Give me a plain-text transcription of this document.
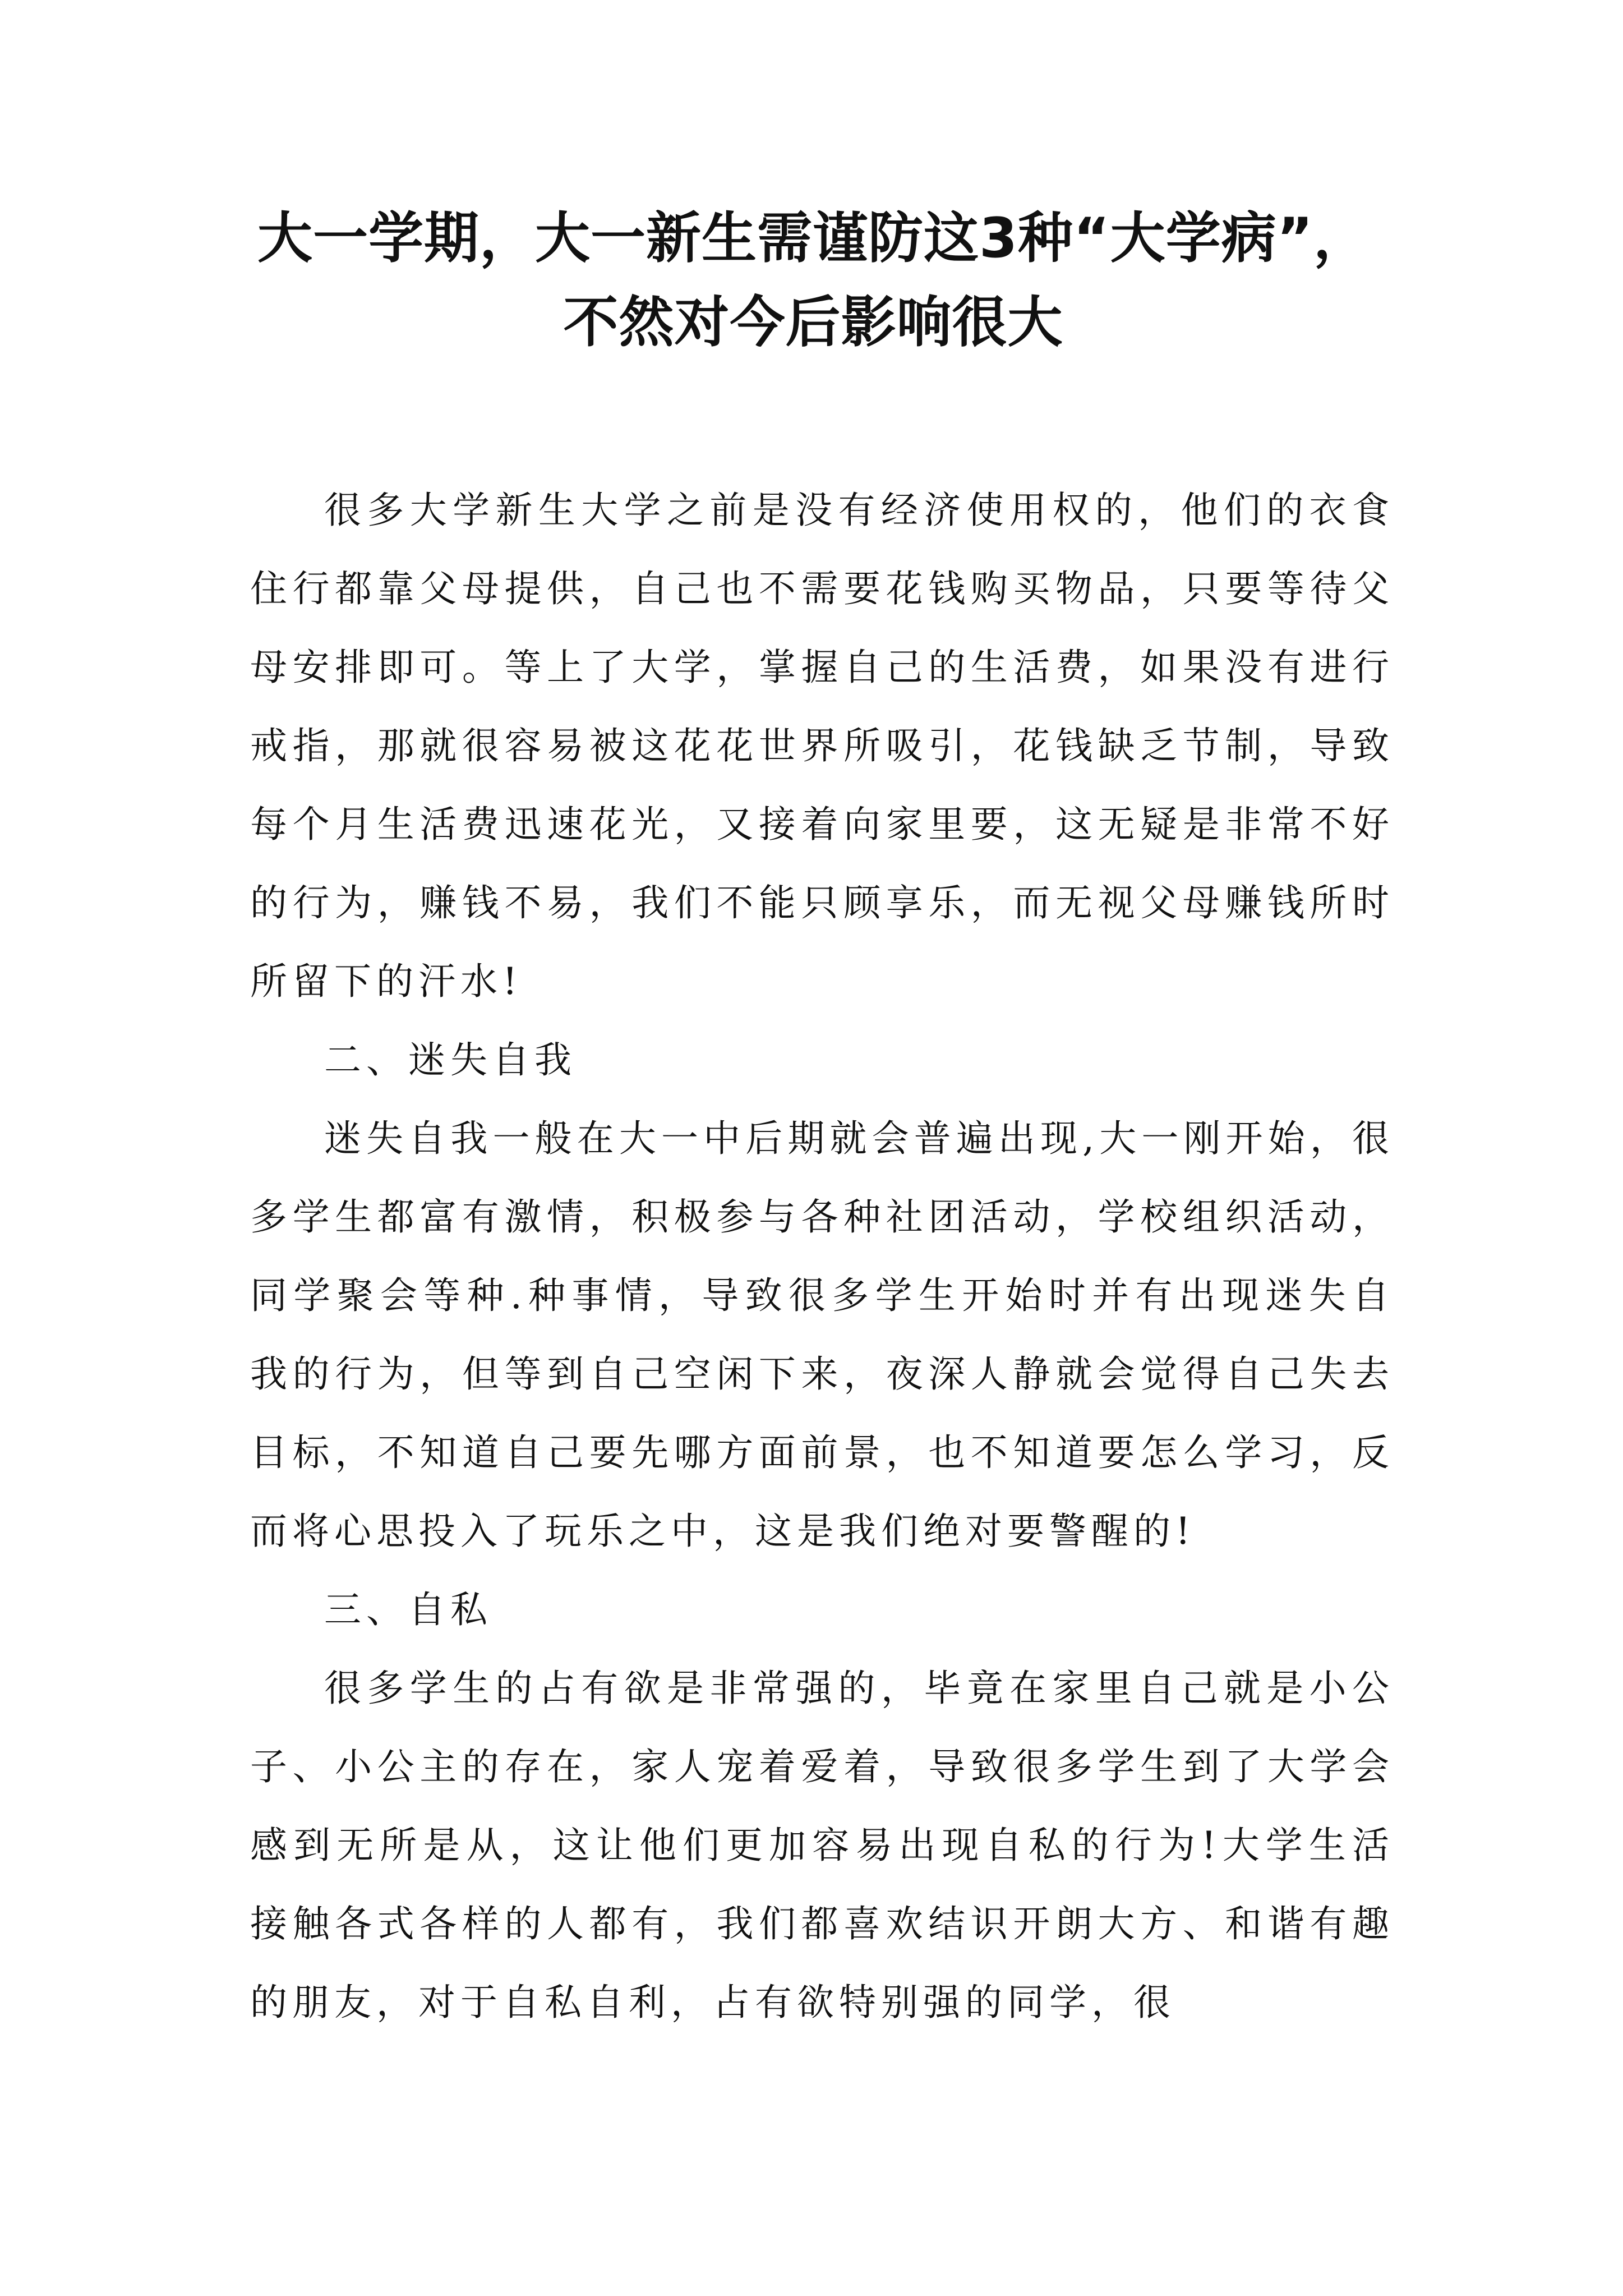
大一学期，大一新生需谨防这3种“大学病”，不然对今后影响很大

很多大学新生大学之前是没有经济使用权的，他们的衣食住行都靠父母提供，自己也不需要花钱购买物品，只要等待父母安排即可。等上了大学，掌握自己的生活费，如果没有进行戒指，那就很容易被这花花世界所吸引，花钱缺乏节制，导致每个月生活费迅速花光，又接着向家里要，这无疑是非常不好的行为，赚钱不易，我们不能只顾享乐，而无视父母赚钱所时所留下的汗水!

二、迷失自我

迷失自我一般在大一中后期就会普遍出现,大一刚开始，很多学生都富有激情，积极参与各种社团活动，学校组织活动，同学聚会等种.种事情，导致很多学生开始时并有出现迷失自我的行为，但等到自己空闲下来，夜深人静就会觉得自己失去目标，不知道自己要先哪方面前景，也不知道要怎么学习，反而将心思投入了玩乐之中，这是我们绝对要警醒的!

三、自私

很多学生的占有欲是非常强的，毕竟在家里自己就是小公子、小公主的存在，家人宠着爱着，导致很多学生到了大学会感到无所是从，这让他们更加容易出现自私的行为!大学生活接触各式各样的人都有，我们都喜欢结识开朗大方、和谐有趣的朋友，对于自私自利，占有欲特别强的同学，很
